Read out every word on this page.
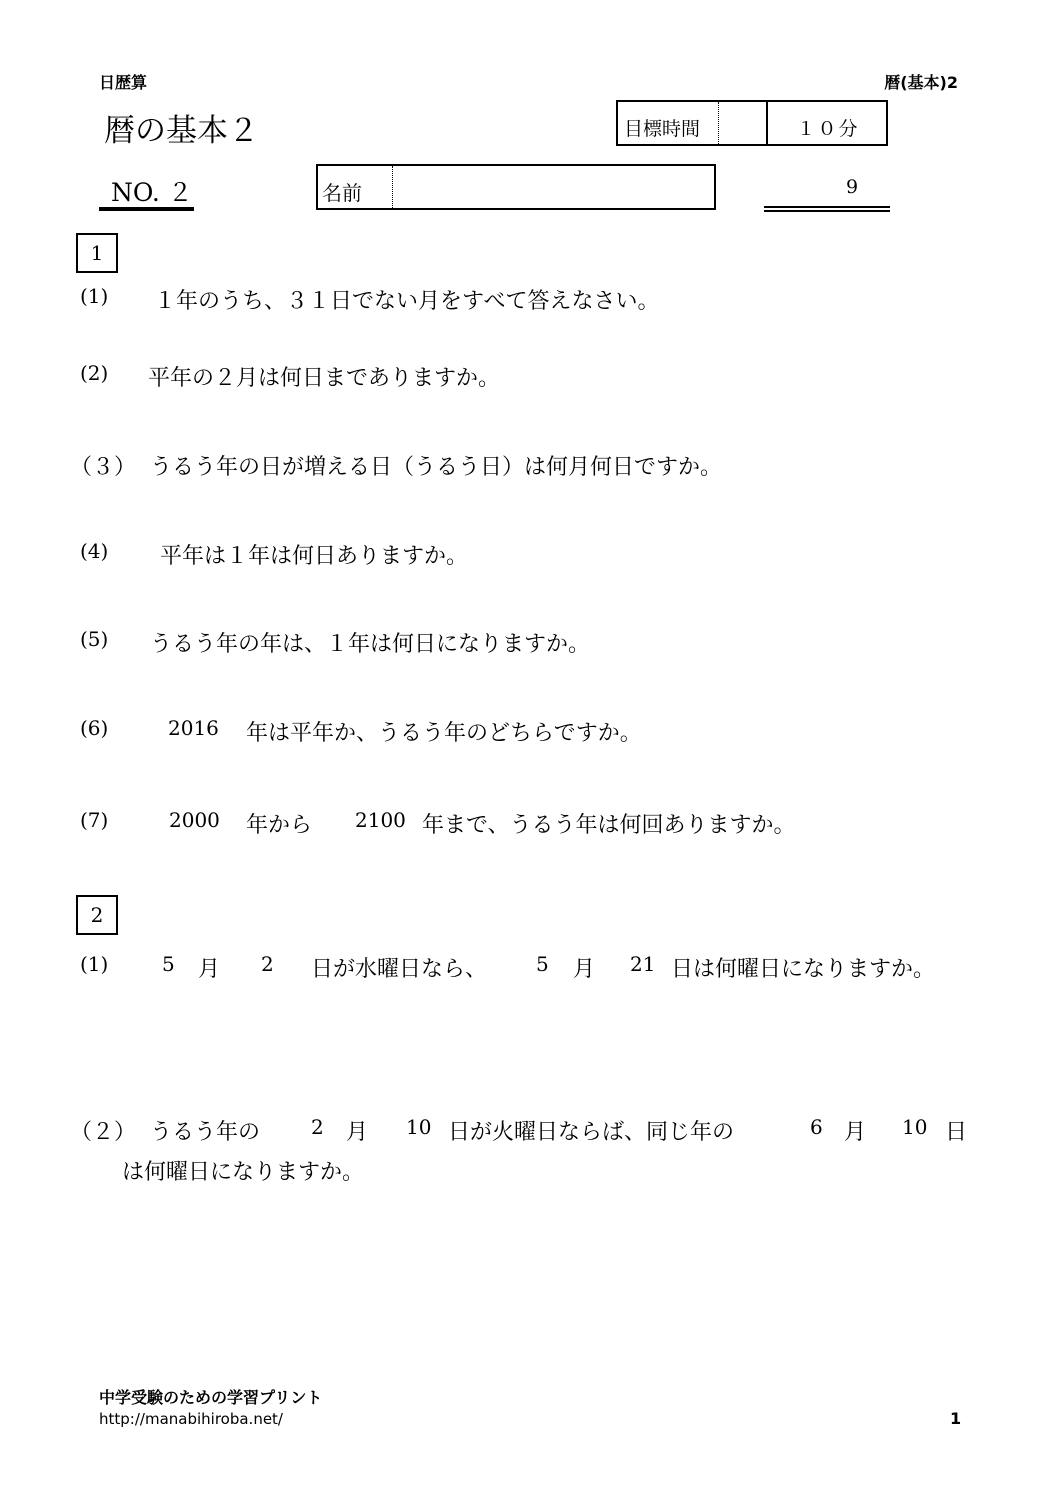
日歴算	暦(基本)2
暦の基本２	目標時間	１０分
NO. ２	名前	9
1
(1) １年のうち、３１日でない月をすべて答えなさい。
(2) 平年の２月は何日までありますか。
（３） うるう年の日が増える日（うるう日）は何月何日ですか。
(4) 平年は１年は何日ありますか。
(5) うるう年の年は、１年は何日になりますか。
(6)	2016 年は平年か、うるう年のどちらですか。
(7)	2000 年から 2100 年まで、うるう年は何回ありますか。
2
(1)	5 月 2 日が水曜日なら、 5 月 21 日は何曜日になりますか。
（２） うるう年の	2 月 10 日が火曜日ならば、同じ年の	6 月 10 日
は何曜日になりますか。
中学受験のための学習プリント
http://manabihiroba.net/	1
